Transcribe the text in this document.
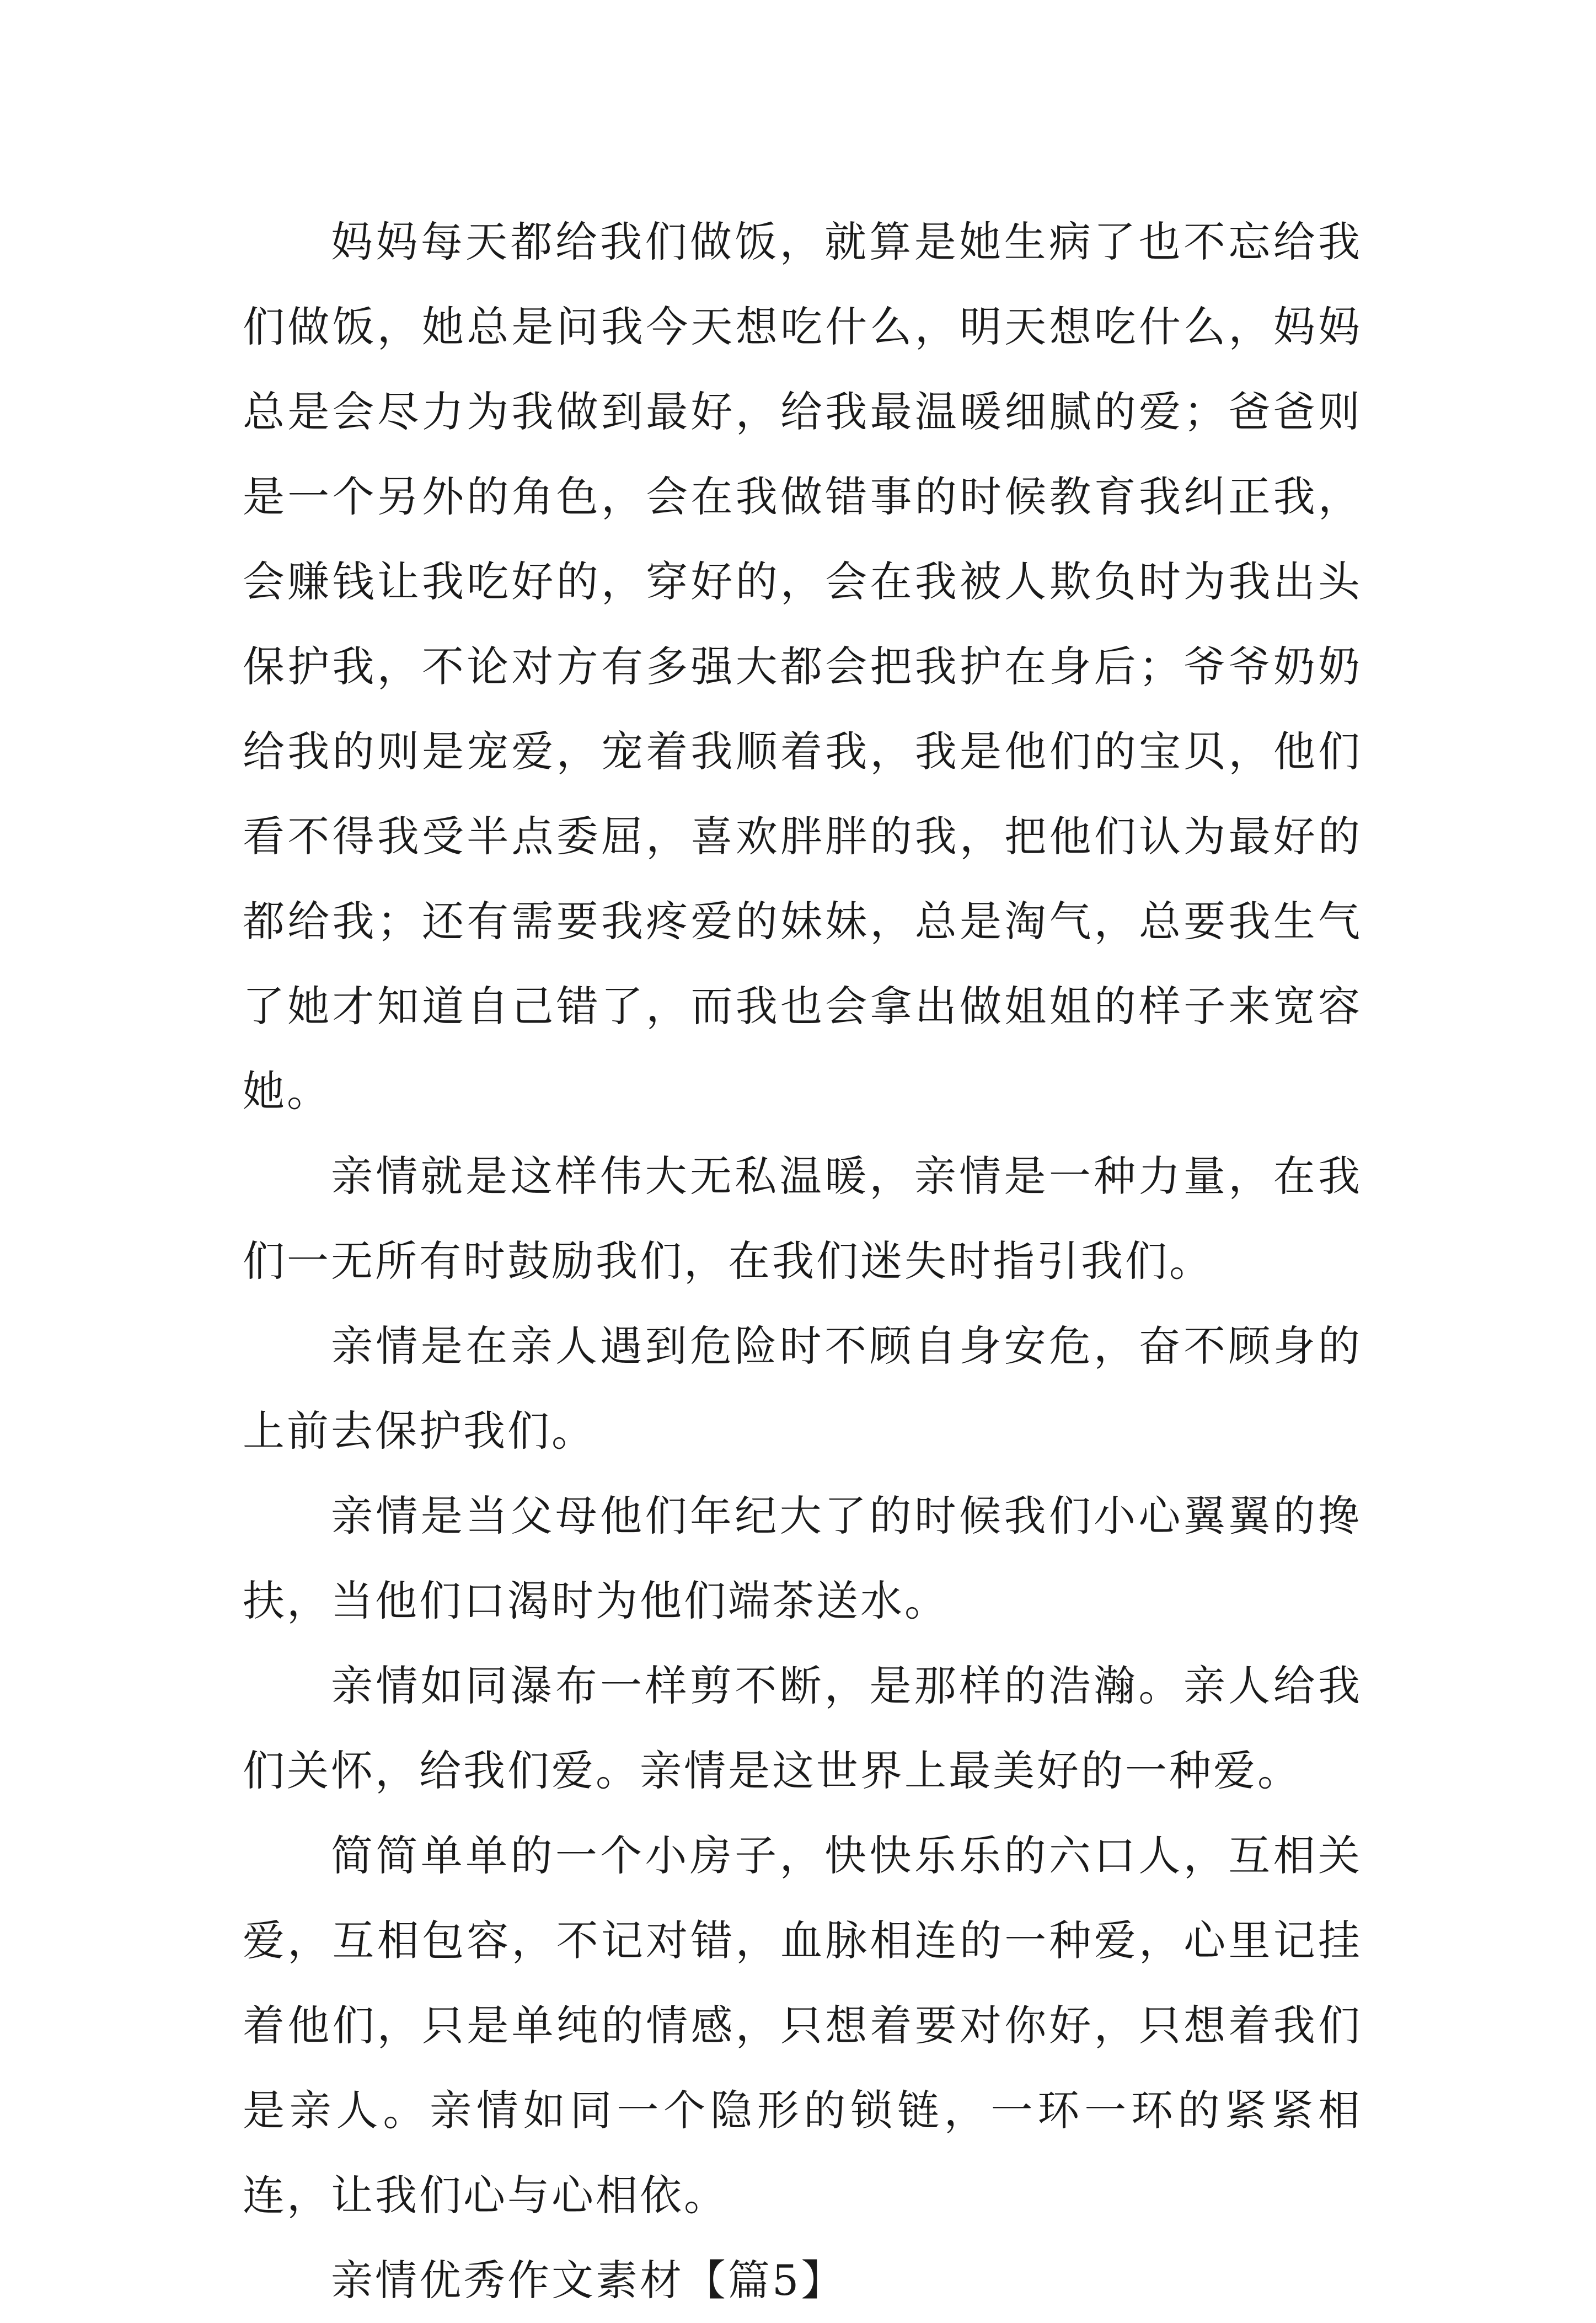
妈妈每天都给我们做饭，就算是她生病了也不忘给我们做饭，她总是问我今天想吃什么，明天想吃什么，妈妈总是会尽力为我做到最好，给我最温暖细腻的爱；爸爸则是一个另外的角色，会在我做错事的时候教育我纠正我，会赚钱让我吃好的，穿好的，会在我被人欺负时为我出头保护我，不论对方有多强大都会把我护在身后；爷爷奶奶给我的则是宠爱，宠着我顺着我，我是他们的宝贝，他们看不得我受半点委屈，喜欢胖胖的我，把他们认为最好的都给我；还有需要我疼爱的妹妹，总是淘气，总要我生气了她才知道自己错了，而我也会拿出做姐姐的样子来宽容她。

亲情就是这样伟大无私温暖，亲情是一种力量，在我们一无所有时鼓励我们，在我们迷失时指引我们。

亲情是在亲人遇到危险时不顾自身安危，奋不顾身的上前去保护我们。

亲情是当父母他们年纪大了的时候我们小心翼翼的搀扶，当他们口渴时为他们端茶送水。

亲情如同瀑布一样剪不断，是那样的浩瀚。亲人给我们关怀，给我们爱。亲情是这世界上最美好的一种爱。

简简单单的一个小房子，快快乐乐的六口人，互相关爱，互相包容，不记对错，血脉相连的一种爱，心里记挂着他们，只是单纯的情感，只想着要对你好，只想着我们是亲人。亲情如同一个隐形的锁链，一环一环的紧紧相连，让我们心与心相依。

亲情优秀作文素材【篇5】
